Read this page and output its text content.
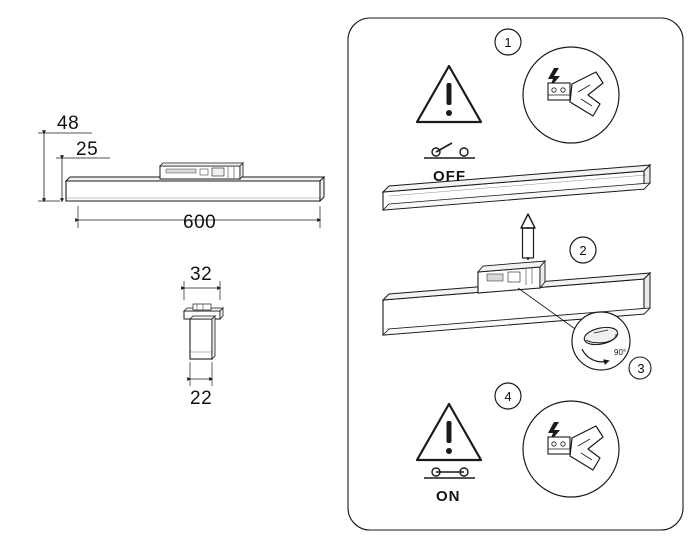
48
25
600
32
22
1
OFF
2
3
90°
4
ON
